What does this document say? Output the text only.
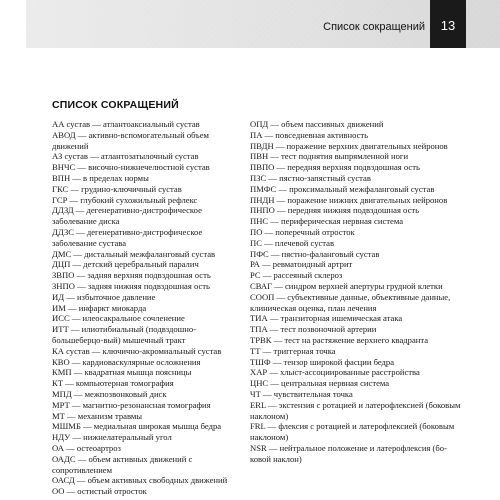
Список сокращений	13
СПИСОК СОКРАЩЕНИЙ
АА сустав — атлантоаксиальный сустав
АВОД — активно-вспомогательный объем движений
АЗ сустав — атлантозатылочный сустав
ВНЧС — височно-нижнечелюстной сустав
ВПН — в пределах нормы
ГКС — грудино-ключичный сустав
ГСР — глубокий сухожильный рефлекс
ДДЗД — дегенеративно-дистрофическое заболевание диска
ДДЗС — дегенеративно-дистрофическое заболевание сустава
ДМС — дистальный межфаланговый сустав
ДЦП — детский церебральный паралич
ЗВПО — задняя верхняя подвздошная ость
ЗНПО — задняя нижняя подвздошная ость
ИД — избыточное давление
ИМ — инфаркт миокарда
ИСС — илеосакральное сочленение
ИТТ — илиотибиальный (подвздошно-большеберцо-вый) мышечный тракт
КА сустав — ключично-акромиальный сустав
КВО — кардиоваскулярные осложнения
КМП — квадратная мышца поясницы
КТ — компьютерная томография
МПД — межпозвонковый диск
МРТ — магнитно-резонансная томография
МТ — механизм травмы
МШМБ — медиальная широкая мышца бедра
НДУ — нижнелатеральный угол
ОА — остеоартроз
ОАДС — объем активных движений с сопротивлением
ОАСД — объем активных свободных движений
ОО — остистый отросток
ОПД — объем пассивных движений
ПА — повседневная активность
ПВДН — поражение верхних двигательных нейронов
ПВН — тест поднятия выпрямленной ноги
ПВПО — передняя верхняя подвздошная ость
ПЗС — пястно-запястный сустав
ПМФС — проксимальный межфаланговый сустав
ПНДН — поражение нижних двигательных нейронов
ПНПО — передняя нижняя подвздошная ость
ПНС — периферическая нервная система
ПО — поперечный отросток
ПС — плечевой сустав
ПФС — пястно-фаланговый сустав
РА — ревматоидный артрит
РС — рассеяный склероз
СВАГ — синдром верхней апертуры грудной клетки
СООП — субъективные данные, объективные данные, клиническая оценка, план лечения
ТИА — транзиторная ишемическая атака
ТПА — тест позвоночной артерии
ТРВК — тест на растяжение верхнего квадранта
ТТ — триггерная точка
ТШФ — тензор широкой фасции бедра
ХАР — хлыст-ассоциированные расстройства
ЦНС — центральная нервная система
ЧТ — чувствительная точка
ERL — экстензия с ротацией и латерофлексией (боковым наклоном)
FRL — флексия с ротацией и латерофлексией (боковым наклоном)
NSR — нейтральное положение и латерофлексия (бо-ковой наклон)
